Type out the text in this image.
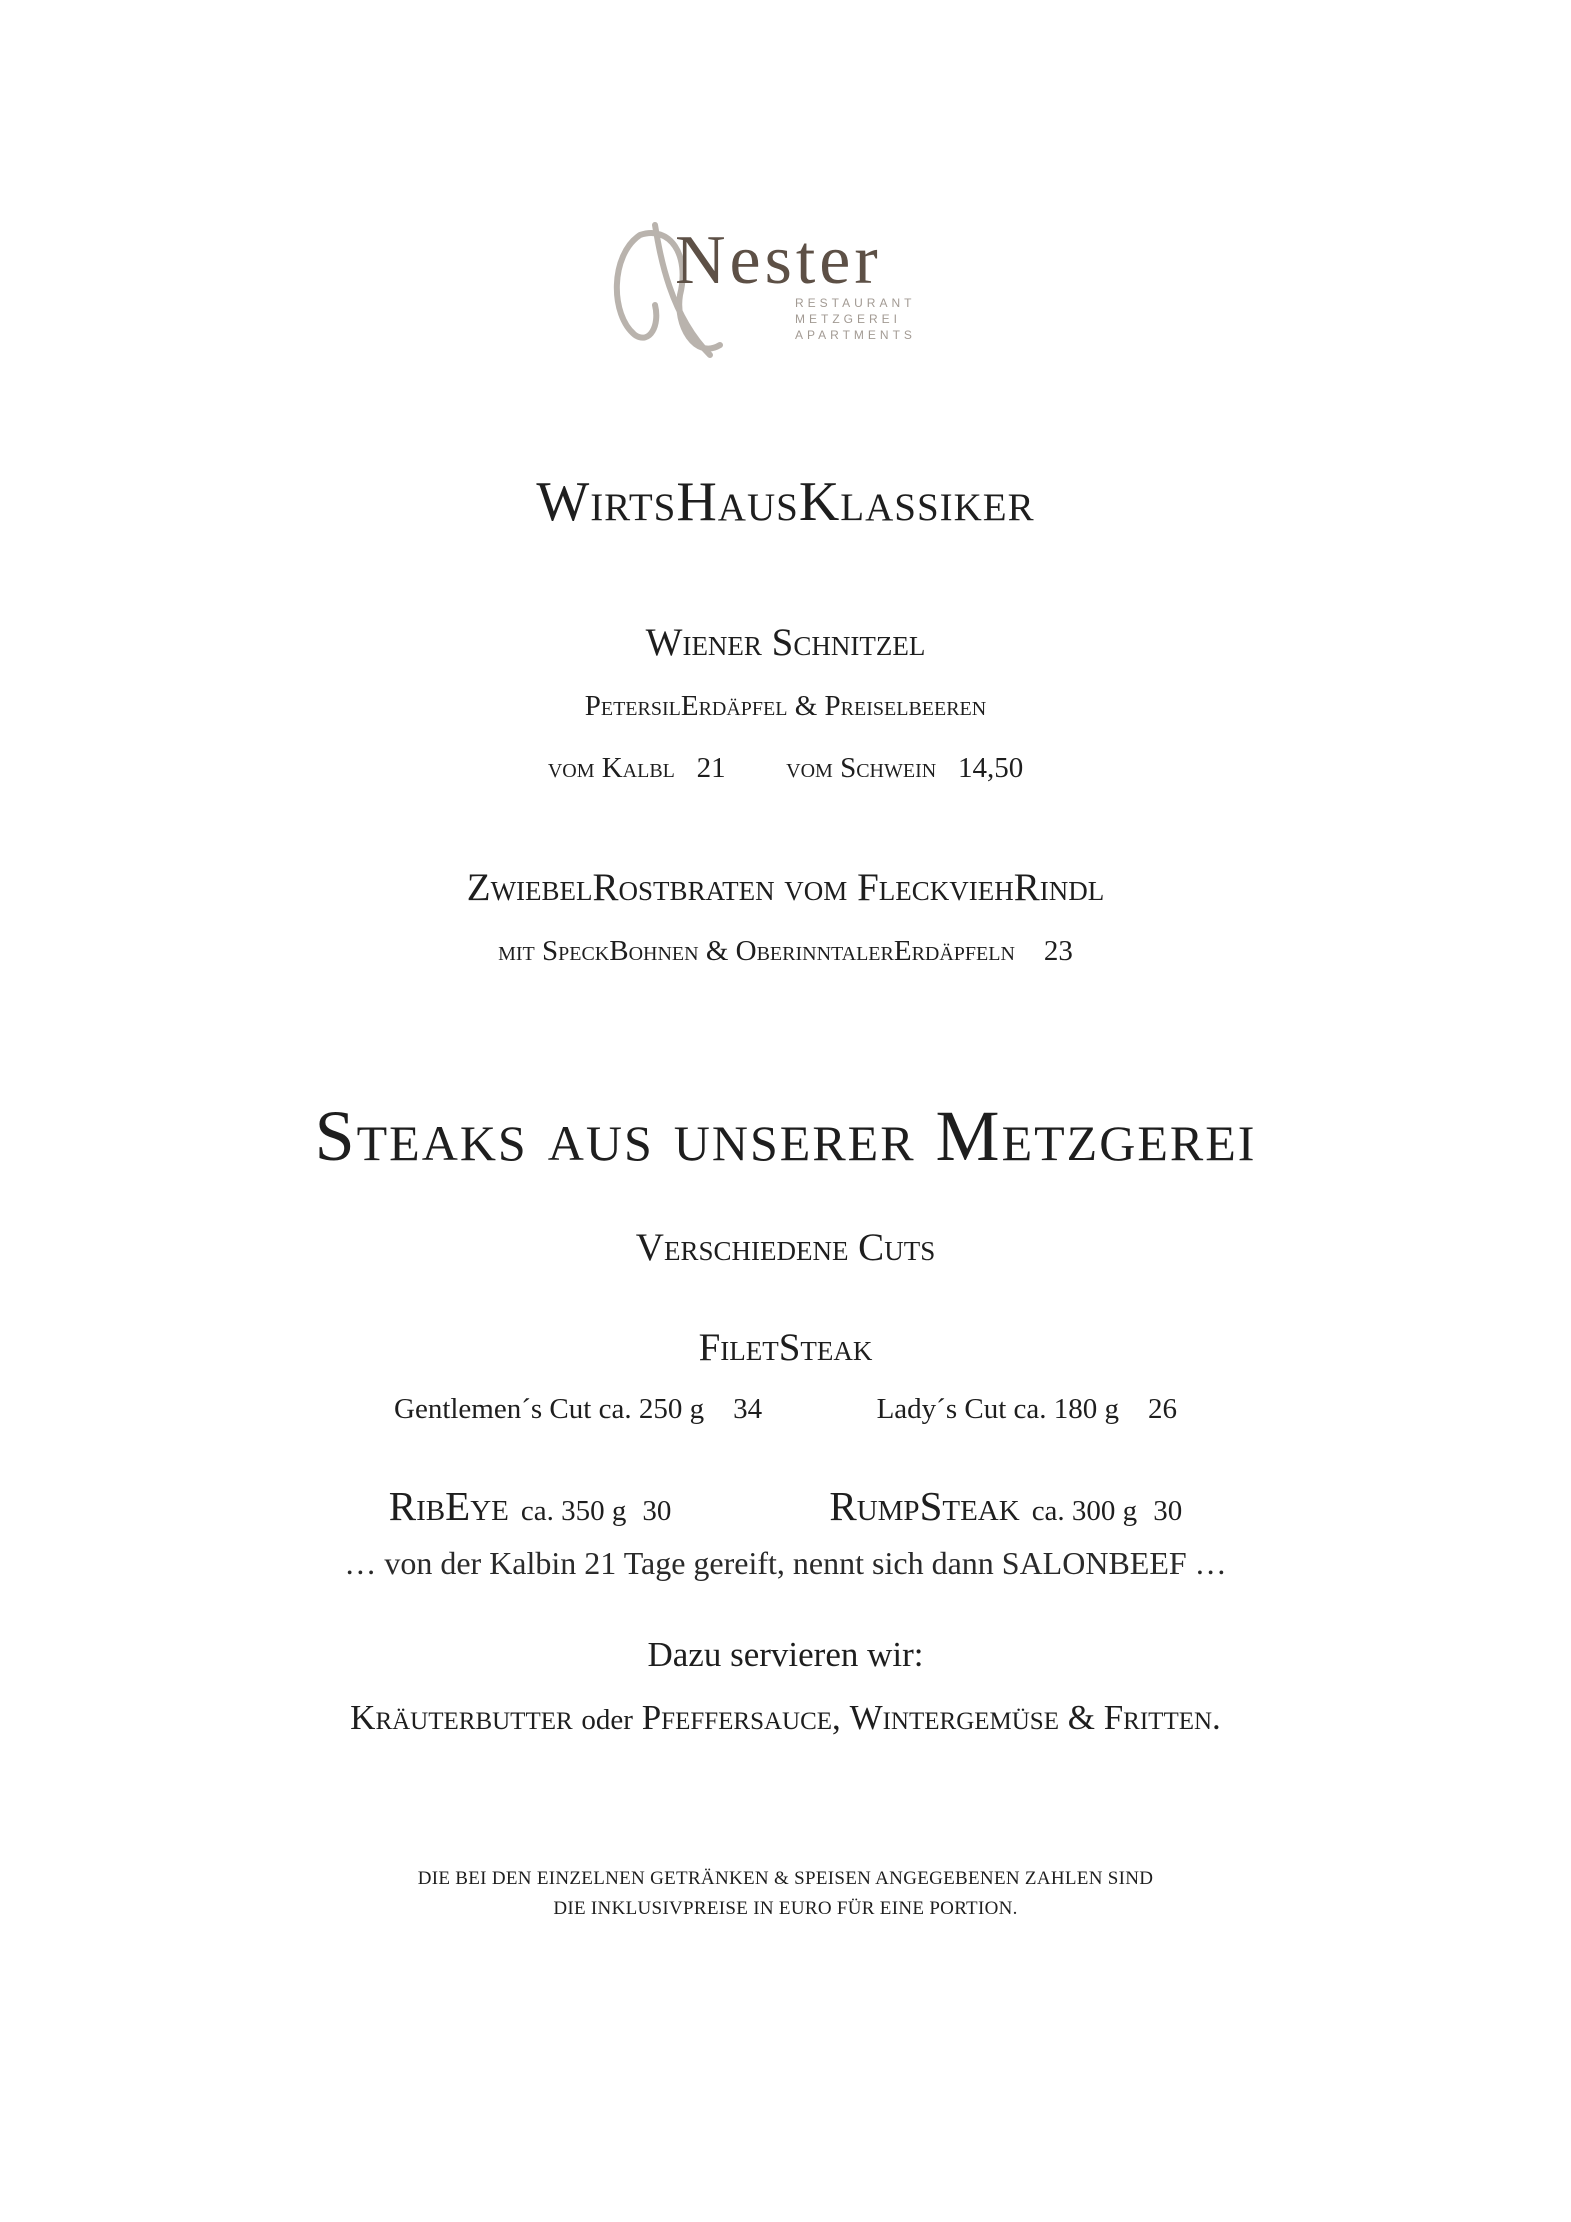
Nester
RESTAURANT
METZGEREI
APARTMENTS
WirtsHausKlassiker
Wiener Schnitzel
PetersilErdäpfel & Preiselbeeren
vom Kalbl 21 vom Schwein 14,50
ZwiebelRostbraten vom FleckviehRindl
mit SpeckBohnen & OberinntalerErdäpfeln 23
Steaks aus unserer Metzgerei
Verschiedene Cuts
FiletSteak
Gentlemen´s Cut ca. 250 g 34	Lady´s Cut ca. 180 g 26
RibEye ca. 350 g 30	RumpSteak ca. 300 g 30
… von der Kalbin 21 Tage gereift, nennt sich dann SALONBEEF …
Dazu servieren wir:
Kräuterbutter oder Pfeffersauce, Wintergemüse & Fritten.
DIE BEI DEN EINZELNEN GETRÄNKEN & SPEISEN ANGEGEBENEN ZAHLEN SIND
DIE INKLUSIVPREISE IN EURO FÜR EINE PORTION.
